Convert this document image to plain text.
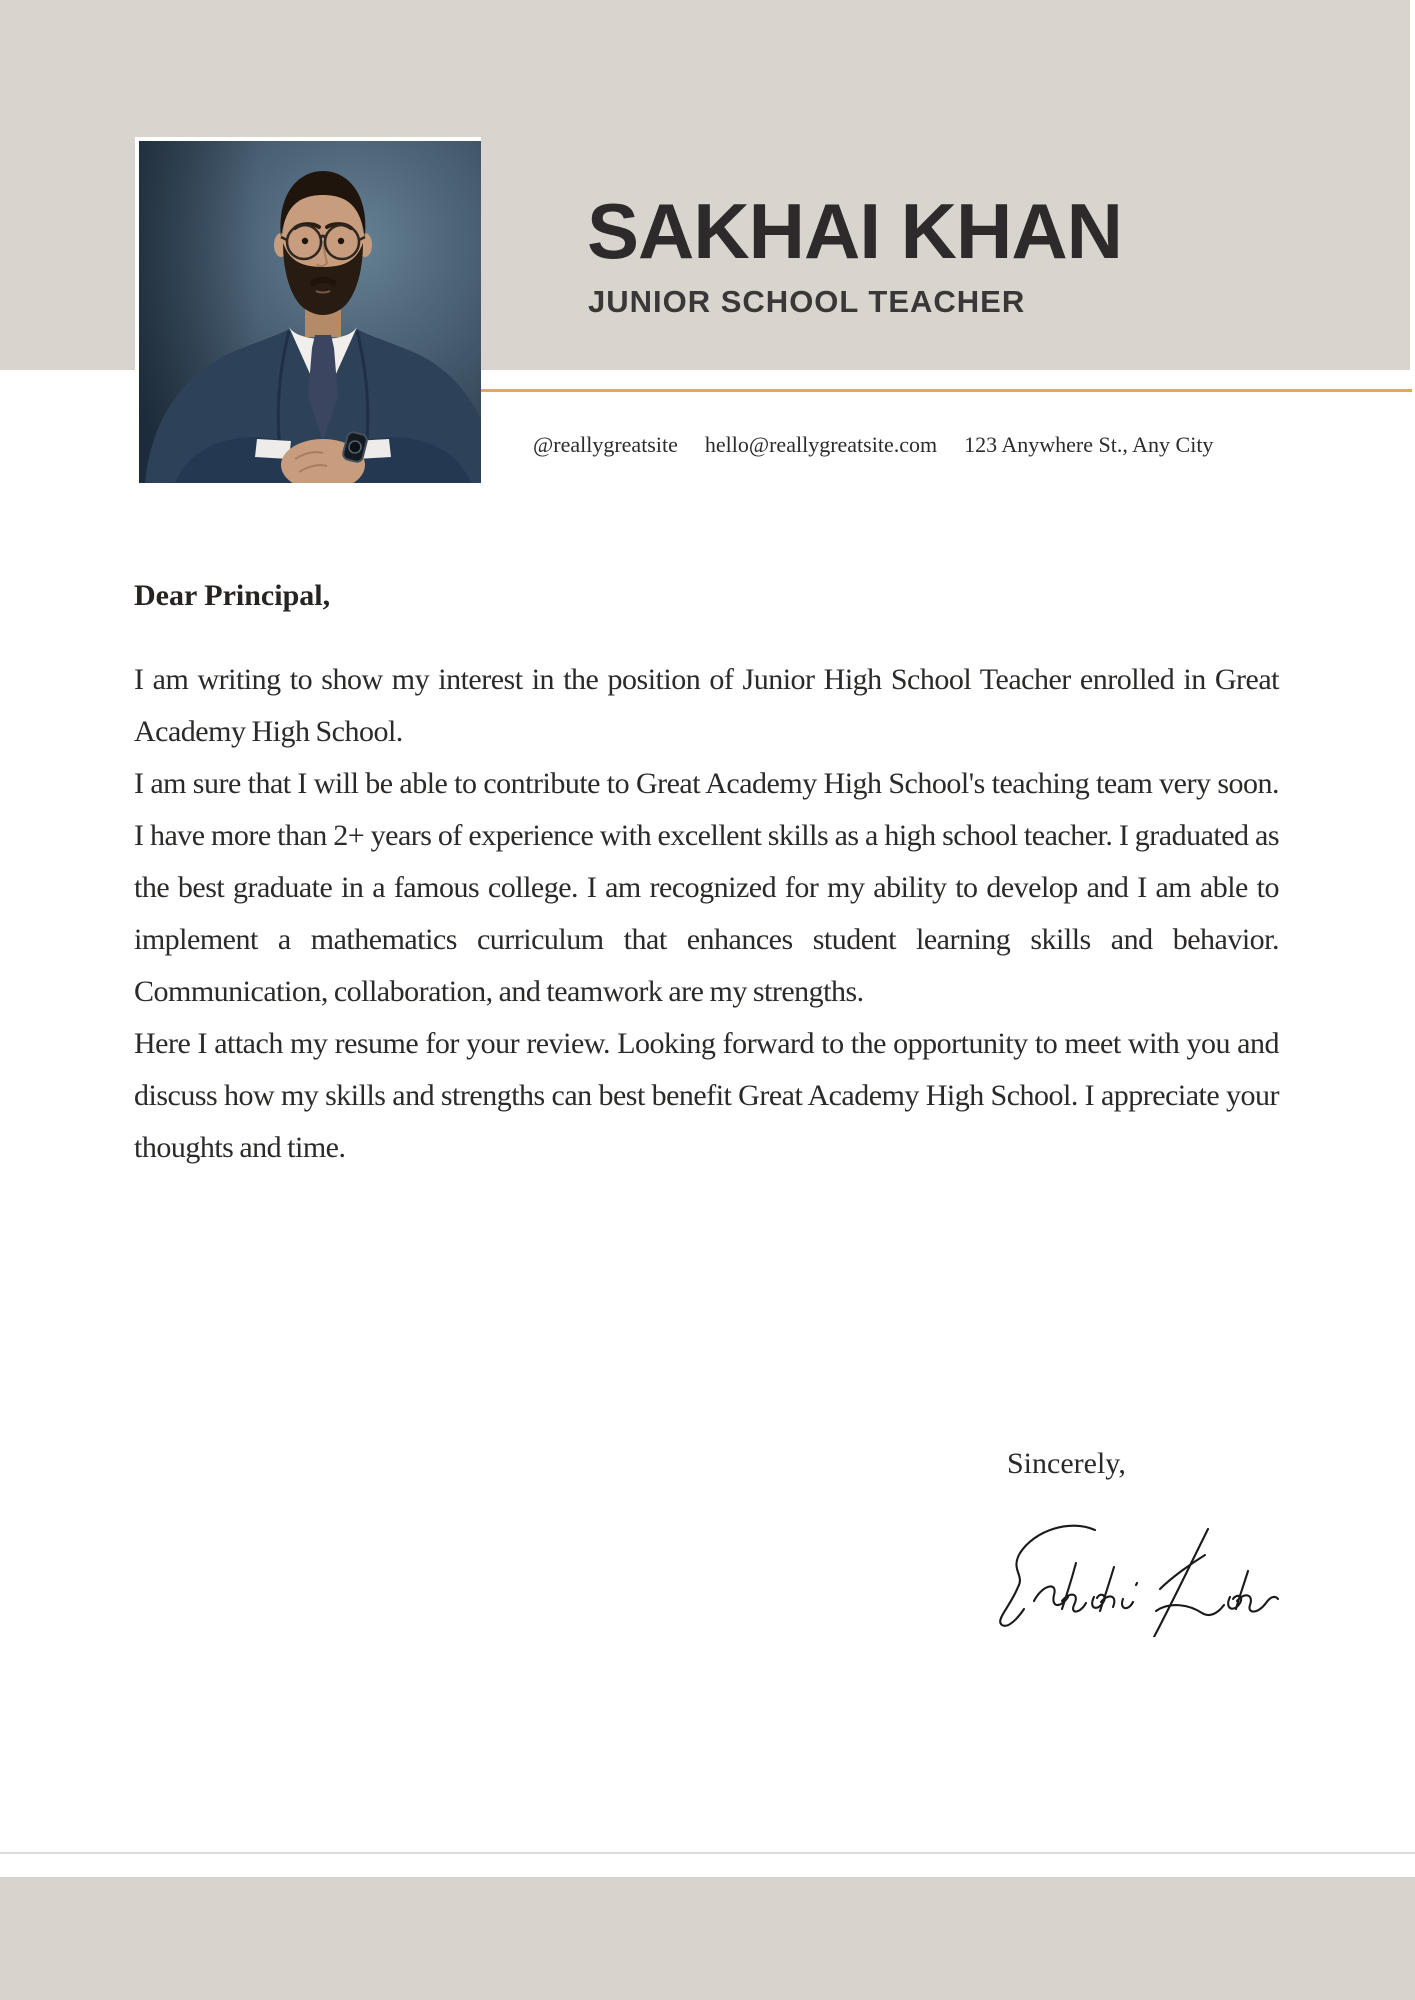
SAKHAI KHAN
JUNIOR SCHOOL TEACHER
@reallygreatsite hello@reallygreatsite.com 123 Anywhere St., Any City
Dear Principal,

I am writing to show my interest in the position of Junior High School Teacher enrolled in Great Academy High School.

I am sure that I will be able to contribute to Great Academy High School's teaching team very soon. I have more than 2+ years of experience with excellent skills as a high school teacher. I graduated as the best graduate in a famous college. I am recognized for my ability to develop and I am able to implement a mathematics curriculum that enhances student learning skills and behavior. Communication, collaboration, and teamwork are my strengths.

Here I attach my resume for your review. Looking forward to the opportunity to meet with you and discuss how my skills and strengths can best benefit Great Academy High School. I appreciate your thoughts and time.

Sincerely,
